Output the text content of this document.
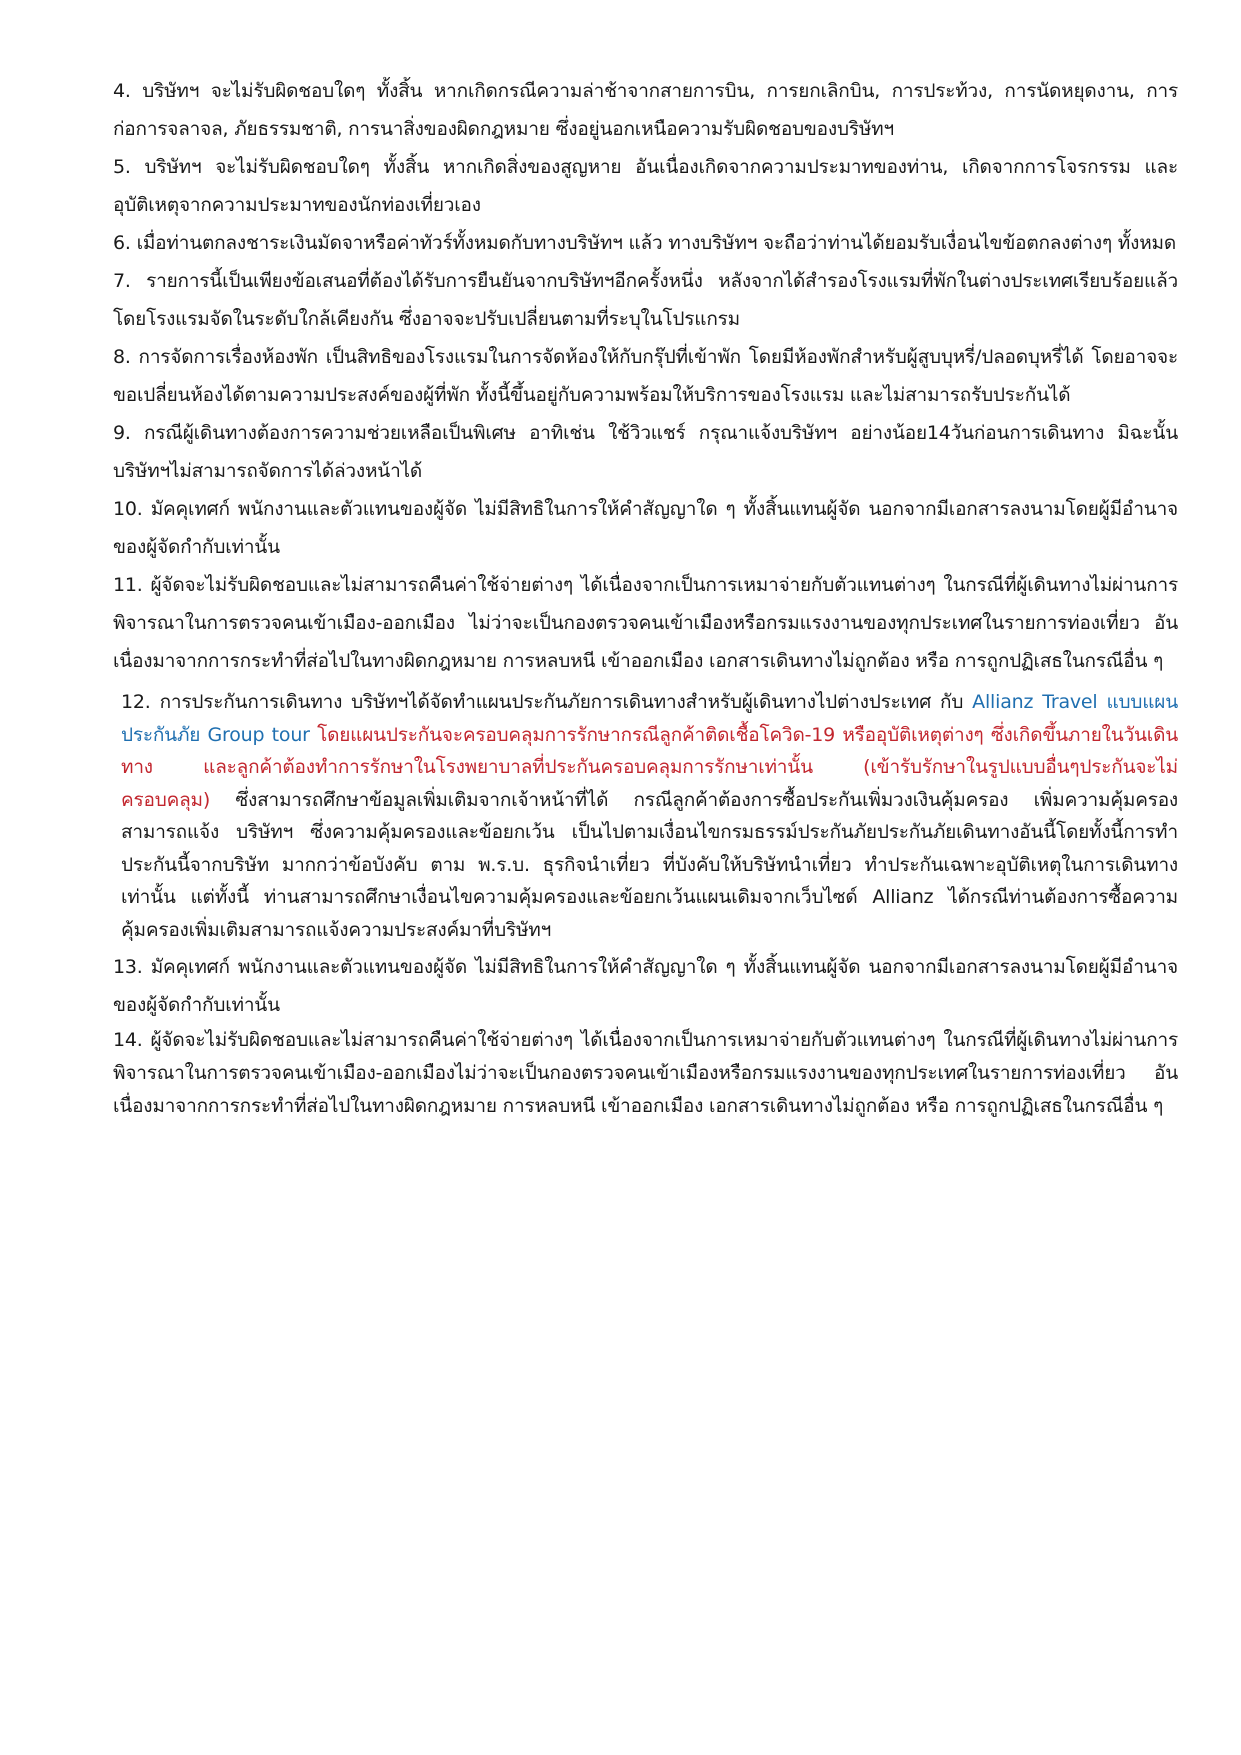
4. บริษัทฯ จะไม่รับผิดชอบใดๆ ทั้งสิ้น หากเกิดกรณีความล่าช้าจากสายการบิน, การยกเลิกบิน, การประท้วง, การนัดหยุดงาน, การก่อการจลาจล, ภัยธรรมชาติ, การนาสิ่งของผิดกฎหมาย ซึ่งอยู่นอกเหนือความรับผิดชอบของบริษัทฯ

5. บริษัทฯ จะไม่รับผิดชอบใดๆ ทั้งสิ้น หากเกิดสิ่งของสูญหาย อันเนื่องเกิดจากความประมาทของท่าน, เกิดจากการโจรกรรม และ อุบัติเหตุจากความประมาทของนักท่องเที่ยวเอง

6. เมื่อท่านตกลงชาระเงินมัดจาหรือค่าทัวร์ทั้งหมดกับทางบริษัทฯ แล้ว ทางบริษัทฯ จะถือว่าท่านได้ยอมรับเงื่อนไขข้อตกลงต่างๆ ทั้งหมด

7. รายการนี้เป็นเพียงข้อเสนอที่ต้องได้รับการยืนยันจากบริษัทฯอีกครั้งหนึ่ง หลังจากได้สำรองโรงแรมที่พักในต่างประเทศเรียบร้อยแล้ว โดยโรงแรมจัดในระดับใกล้เคียงกัน ซึ่งอาจจะปรับเปลี่ยนตามที่ระบุในโปรแกรม

8. การจัดการเรื่องห้องพัก เป็นสิทธิของโรงแรมในการจัดห้องให้กับกรุ๊ปที่เข้าพัก โดยมีห้องพักสำหรับผู้สูบบุหรี่/ปลอดบุหรี่ได้ โดยอาจจะขอเปลี่ยนห้องได้ตามความประสงค์ของผู้ที่พัก ทั้งนี้ขึ้นอยู่กับความพร้อมให้บริการของโรงแรม และไม่สามารถรับประกันได้

9. กรณีผู้เดินทางต้องการความช่วยเหลือเป็นพิเศษ อาทิเช่น ใช้วิวแชร์ กรุณาแจ้งบริษัทฯ อย่างน้อย14วันก่อนการเดินทาง มิฉะนั้น บริษัทฯไม่สามารถจัดการได้ล่วงหน้าได้

10. มัคคุเทศก์ พนักงานและตัวแทนของผู้จัด ไม่มีสิทธิในการให้คำสัญญาใด ๆ ทั้งสิ้นแทนผู้จัด นอกจากมีเอกสารลงนามโดยผู้มีอำนาจของผู้จัดกำกับเท่านั้น

11. ผู้จัดจะไม่รับผิดชอบและไม่สามารถคืนค่าใช้จ่ายต่างๆ ได้เนื่องจากเป็นการเหมาจ่ายกับตัวแทนต่างๆ ในกรณีที่ผู้เดินทางไม่ผ่านการพิจารณาในการตรวจคนเข้าเมือง-ออกเมือง ไม่ว่าจะเป็นกองตรวจคนเข้าเมืองหรือกรมแรงงานของทุกประเทศในรายการท่องเที่ยว อันเนื่องมาจากการกระทำที่ส่อไปในทางผิดกฎหมาย การหลบหนี เข้าออกเมือง เอกสารเดินทางไม่ถูกต้อง หรือ การถูกปฏิเสธในกรณีอื่น ๆ

12. การประกันการเดินทาง บริษัทฯได้จัดทำแผนประกันภัยการเดินทางสำหรับผู้เดินทางไปต่างประเทศ กับ Allianz Travel แบบแผนประกันภัย Group tour โดยแผนประกันจะครอบคลุมการรักษากรณีลูกค้าติดเชื้อโควิด-19 หรืออุบัติเหตุต่างๆ ซึ่งเกิดขึ้นภายในวันเดินทาง และลูกค้าต้องทำการรักษาในโรงพยาบาลที่ประกันครอบคลุมการรักษาเท่านั้น (เข้ารับรักษาในรูปแบบอื่นๆประกันจะไม่ครอบคลุม) ซึ่งสามารถศึกษาข้อมูลเพิ่มเติมจากเจ้าหน้าที่ได้ กรณีลูกค้าต้องการซื้อประกันเพิ่มวงเงินคุ้มครอง เพิ่มความคุ้มครอง สามารถแจ้ง บริษัทฯ ซึ่งความคุ้มครองและข้อยกเว้น เป็นไปตามเงื่อนไขกรมธรรม์ประกันภัยประกันภัยเดินทางอันนี้โดยทั้งนี้การทำประกันนี้จากบริษัท มากกว่าข้อบังคับ ตาม พ.ร.บ. ธุรกิจนำเที่ยว ที่บังคับให้บริษัทนำเที่ยว ทำประกันเฉพาะอุบัติเหตุในการเดินทางเท่านั้น แต่ทั้งนี้ ท่านสามารถศึกษาเงื่อนไขความคุ้มครองและข้อยกเว้นแผนเดิมจากเว็บไซด์ Allianz ได้กรณีท่านต้องการซื้อความคุ้มครองเพิ่มเติมสามารถแจ้งความประสงค์มาที่บริษัทฯ

13. มัคคุเทศก์ พนักงานและตัวแทนของผู้จัด ไม่มีสิทธิในการให้คำสัญญาใด ๆ ทั้งสิ้นแทนผู้จัด นอกจากมีเอกสารลงนามโดยผู้มีอำนาจของผู้จัดกำกับเท่านั้น

14. ผู้จัดจะไม่รับผิดชอบและไม่สามารถคืนค่าใช้จ่ายต่างๆ ได้เนื่องจากเป็นการเหมาจ่ายกับตัวแทนต่างๆ ในกรณีที่ผู้เดินทางไม่ผ่านการพิจารณาในการตรวจคนเข้าเมือง-ออกเมืองไม่ว่าจะเป็นกองตรวจคนเข้าเมืองหรือกรมแรงงานของทุกประเทศในรายการท่องเที่ยว อันเนื่องมาจากการกระทำที่ส่อไปในทางผิดกฎหมาย การหลบหนี เข้าออกเมือง เอกสารเดินทางไม่ถูกต้อง หรือ การถูกปฏิเสธในกรณีอื่น ๆ
